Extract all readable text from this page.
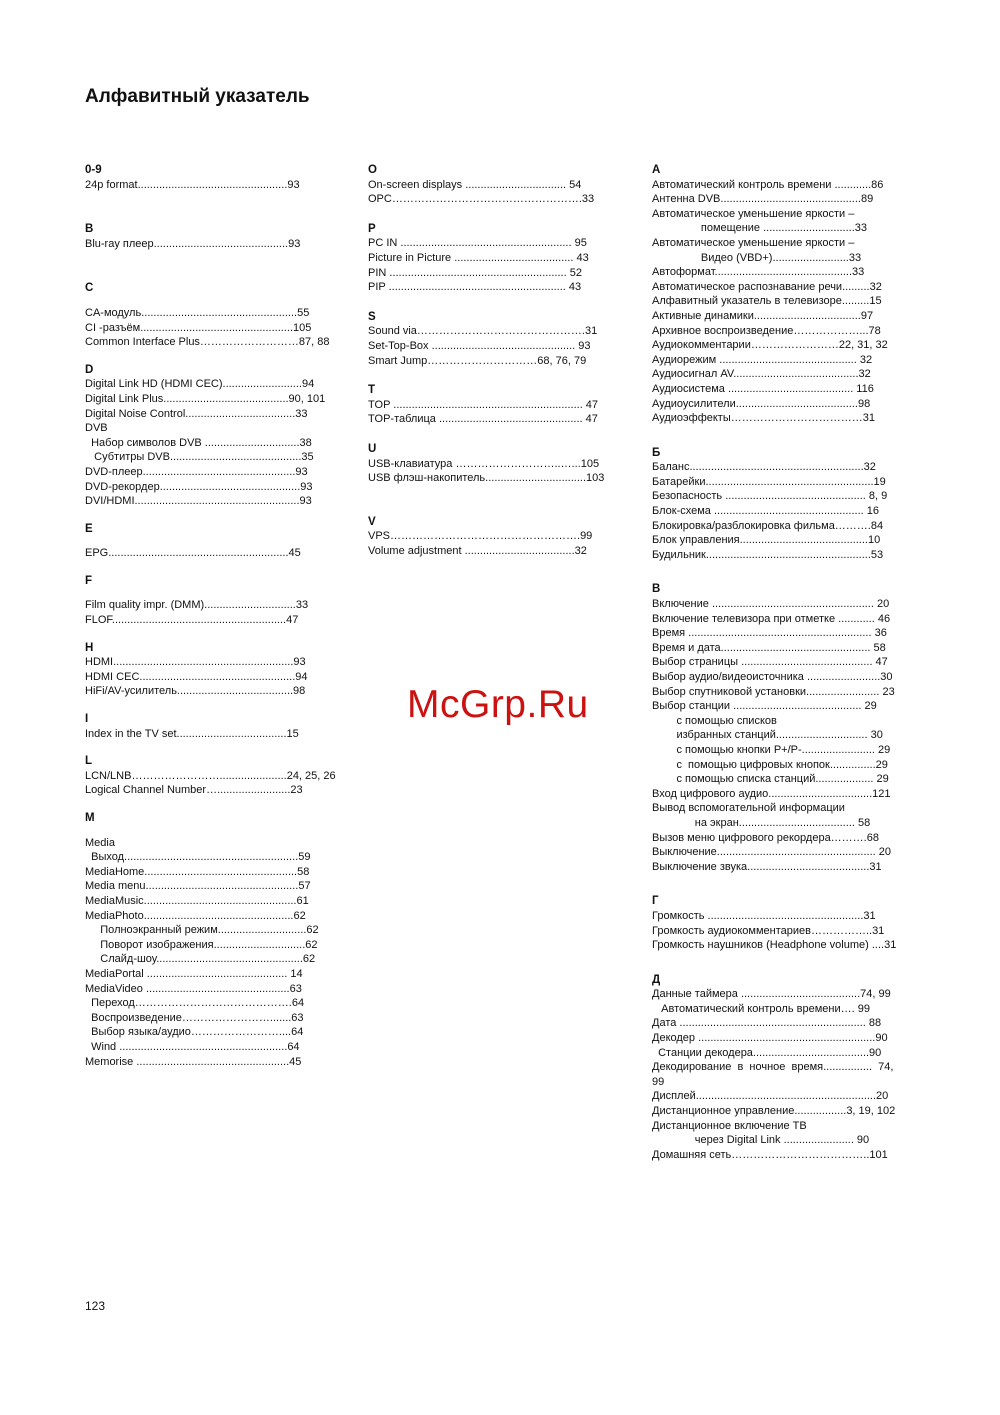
Алфавитный указатель
0-9
24p format.................................................93
B
Blu-ray плеер............................................93
C
CA-модуль...................................................55
CI -разъём..................................................105
Common Interface Plus………………………87, 88
D
Digital Link HD (HDMI CEC)..........................94
Digital Link Plus.........................................90, 101
Digital Noise Control....................................33
DVB
Набор символов DVB ...............................38
Субтитры DVB...........................................35
DVD-плеер..................................................93
DVD-рекордер..............................................93
DVI/HDMI......................................................93
E
EPG...........................................................45
F
Film quality impr. (DMM)..............................33
FLOF.........................................................47
H
HDMI...........................................................93
HDMI CEC...................................................94
HiFi/AV-усилитель......................................98
I
Index in the TV set....................................15
L
LCN/LNB……………………......................24, 25, 26
Logical Channel Number…........................23
M
Media
Выход.........................................................59
MediaHome..................................................58
Media menu..................................................57
MediaMusic..................................................61
MediaPhoto.................................................62
Полноэкранный режим.............................62
Поворот изображения..............................62
Слайд-шоу................................................62
MediaPortal .............................................. 14
MediaVideo ...............................................63
Переход…………………………………….64
Воспроизведение…………………….......63
Выбор языка/аудио……………………....64
Wind .......................................................64
Memorise ..................................................45
O
On-screen displays ................................. 54
OPC…………………………………………….33
P
PC IN ........................................................ 95
Picture in Picture ....................................... 43
PIN .......................................................... 52
PIP .......................................................... 43
S
Sound via……………………………………….31
Set-Top-Box ............................................... 93
Smart Jump…………………………68, 76, 79
T
TOP .............................................................. 47
TOP-таблица ............................................... 47
U
USB-клавиатура ………………………..…...105
USB флэш-накопитель.................................103
V
VPS…………………………………………….99
Volume adjustment ....................................32
А
Автоматический контроль времени ............86
Антенна DVB..............................................89
Автоматическое уменьшение яркости –
помещение ..............................33
Автоматическое уменьшение яркости –
Видео (VBD+).........................33
Автоформат.............................................33
Автоматическое распознавание речи.........32
Алфавитный указатель в телевизоре.........15
Активные динамики...................................97
Архивное воспроизведение………………...78
Аудиокомментарии……………………22, 31, 32
Аудиорежим ............................................. 32
Аудиосигнал AV.........................................32
Аудиосистема ......................................... 116
Аудиоусилители........................................98
Аудиоэффекты………………………………31
Б
Баланс.........................................................32
Батарейки.......................................................19
Безопасность .............................................. 8, 9
Блок-схема ................................................. 16
Блокировка/разблокировка фильма……….84
Блок управления..........................................10
Будильник......................................................53
В
Включение ..................................................... 20
Включение телевизора при отметке ............ 46
Время ............................................................ 36
Время и дата................................................. 58
Выбор страницы ........................................... 47
Выбор аудио/видеоисточника ........................30
Выбор спутниковой установки........................ 23
Выбор станции .......................................... 29
с помощью списков
избранных станций.............................. 30
с помощью кнопки P+/P-........................ 29
с  помощью цифровых кнопок...............29
с помощью списка станций................... 29
Вход цифрового аудио..................................121
Вывод вспомогательной информации
на экран...................................... 58
Вызов меню цифрового рекордера……….68
Выключение.................................................... 20
Выключение звука........................................31
Г
Громкость ...................................................31
Громкость аудиокомментариев……………..31
Громкость наушников (Headphone volume) ....31
Д
Данные таймера .......................................74, 99
Автоматический контроль времени…. 99
Дата ............................................................. 88
Декодер ..........................................................90
Станции декодера......................................90
Декодирование  в  ночное  время................  74,
99
Дисплей...........................................................20
Дистанционное управление.................3, 19, 102
Дистанционное включение ТВ
через Digital Link ....................... 90
Домашняя сеть………………………………..101
McGrp.Ru
123
